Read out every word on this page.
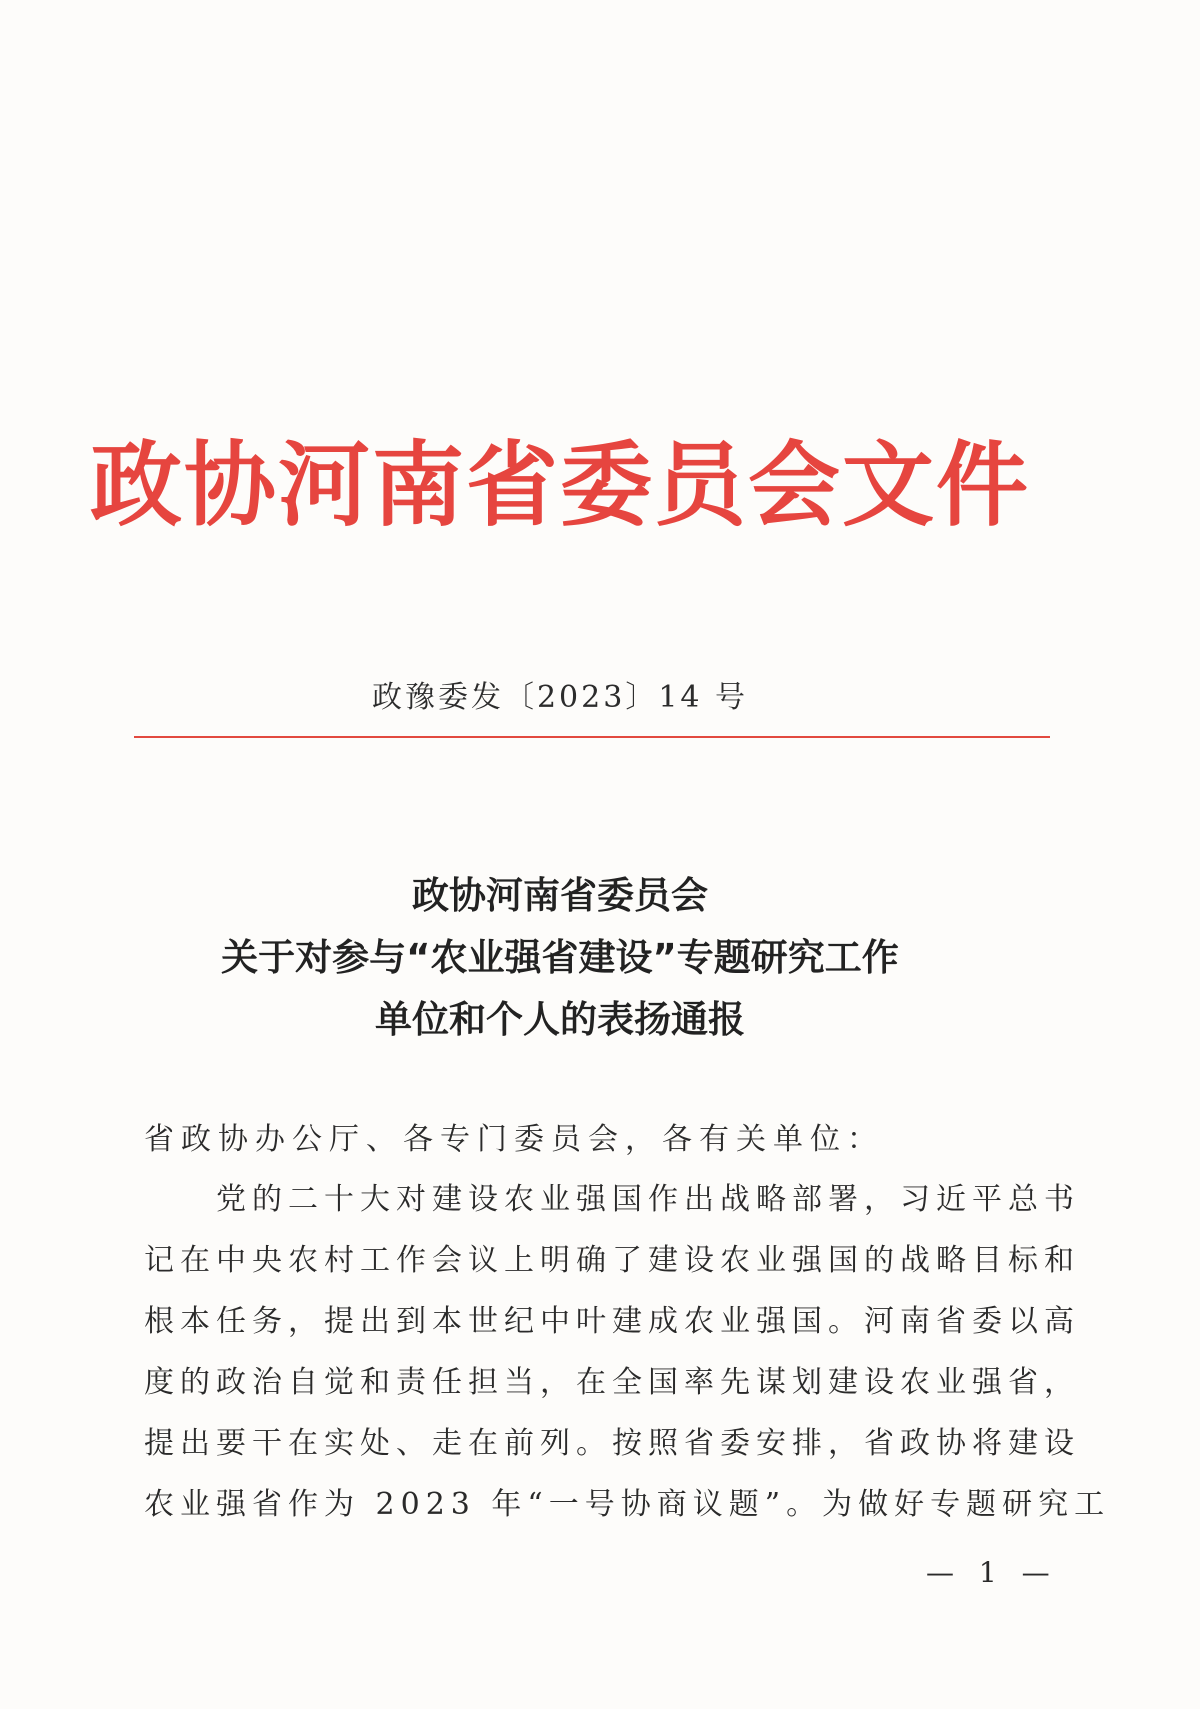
政协河南省委员会文件
政豫委发〔2023〕14 号
政协河南省委员会
关于对参与“农业强省建设”专题研究工作
单位和个人的表扬通报
省政协办公厅、各专门委员会，各有关单位：
　　党的二十大对建设农业强国作出战略部署，习近平总书
记在中央农村工作会议上明确了建设农业强国的战略目标和
根本任务，提出到本世纪中叶建成农业强国。河南省委以高
度的政治自觉和责任担当，在全国率先谋划建设农业强省，
提出要干在实处、走在前列。按照省委安排，省政协将建设
农业强省作为 2023 年“一号协商议题”。为做好专题研究工
— 1 —
